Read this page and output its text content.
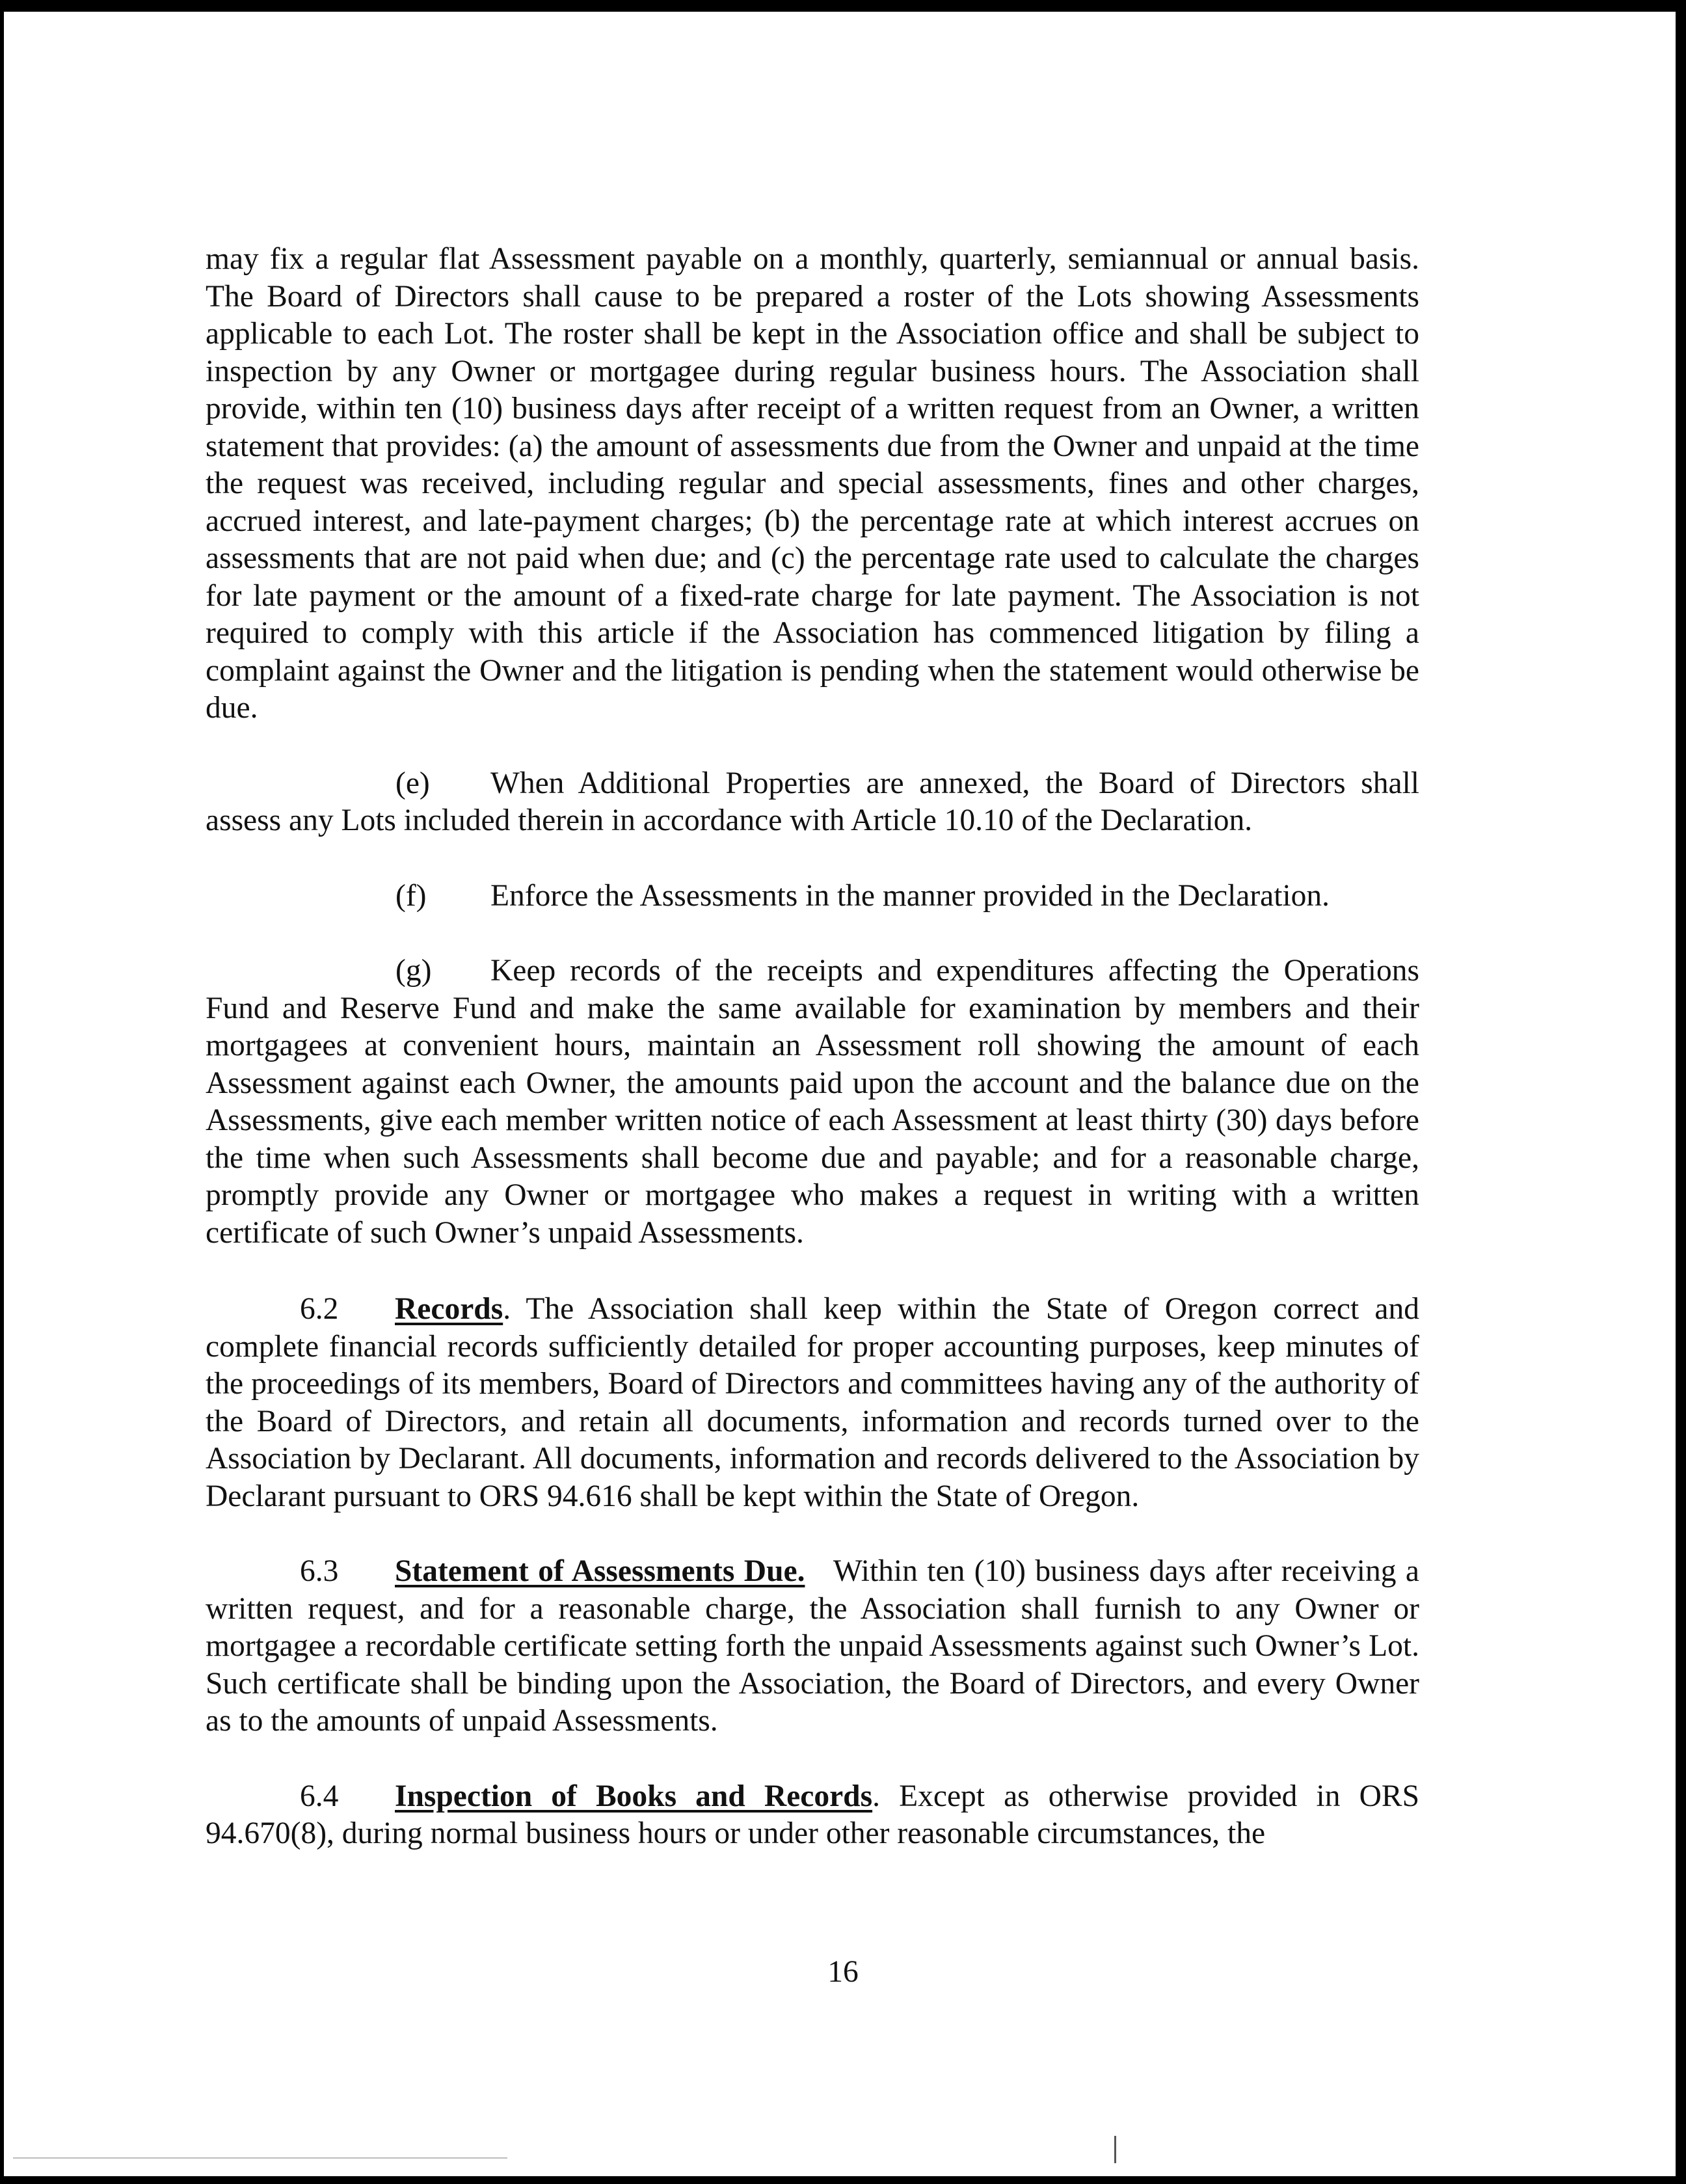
may fix a regular flat Assessment payable on a monthly, quarterly, semiannual or annual basis. The Board of Directors shall cause to be prepared a roster of the Lots showing Assessments applicable to each Lot. The roster shall be kept in the Association office and shall be subject to inspection by any Owner or mortgagee during regular business hours. The Association shall provide, within ten (10) business days after receipt of a written request from an Owner, a written statement that provides: (a) the amount of assessments due from the Owner and unpaid at the time the request was received, including regular and special assessments, fines and other charges, accrued interest, and late-payment charges; (b) the percentage rate at which interest accrues on assessments that are not paid when due; and (c) the percentage rate used to calculate the charges for late payment or the amount of a fixed-rate charge for late payment. The Association is not required to comply with this article if the Association has commenced litigation by filing a complaint against the Owner and the litigation is pending when the statement would otherwise be due.

(e) When Additional Properties are annexed, the Board of Directors shall assess any Lots included therein in accordance with Article 10.10 of the Declaration.

(f) Enforce the Assessments in the manner provided in the Declaration.

(g) Keep records of the receipts and expenditures affecting the Operations Fund and Reserve Fund and make the same available for examination by members and their mortgagees at convenient hours, maintain an Assessment roll showing the amount of each Assessment against each Owner, the amounts paid upon the account and the balance due on the Assessments, give each member written notice of each Assessment at least thirty (30) days before the time when such Assessments shall become due and payable; and for a reasonable charge, promptly provide any Owner or mortgagee who makes a request in writing with a written certificate of such Owner’s unpaid Assessments.

6.2 Records. The Association shall keep within the State of Oregon correct and complete financial records sufficiently detailed for proper accounting purposes, keep minutes of the proceedings of its members, Board of Directors and committees having any of the authority of the Board of Directors, and retain all documents, information and records turned over to the Association by Declarant. All documents, information and records delivered to the Association by Declarant pursuant to ORS 94.616 shall be kept within the State of Oregon.

6.3 Statement of Assessments Due. Within ten (10) business days after receiving a written request, and for a reasonable charge, the Association shall furnish to any Owner or mortgagee a recordable certificate setting forth the unpaid Assessments against such Owner’s Lot. Such certificate shall be binding upon the Association, the Board of Directors, and every Owner as to the amounts of unpaid Assessments.

6.4 Inspection of Books and Records. Except as otherwise provided in ORS 94.670(8), during normal business hours or under other reasonable circumstances, the

16
